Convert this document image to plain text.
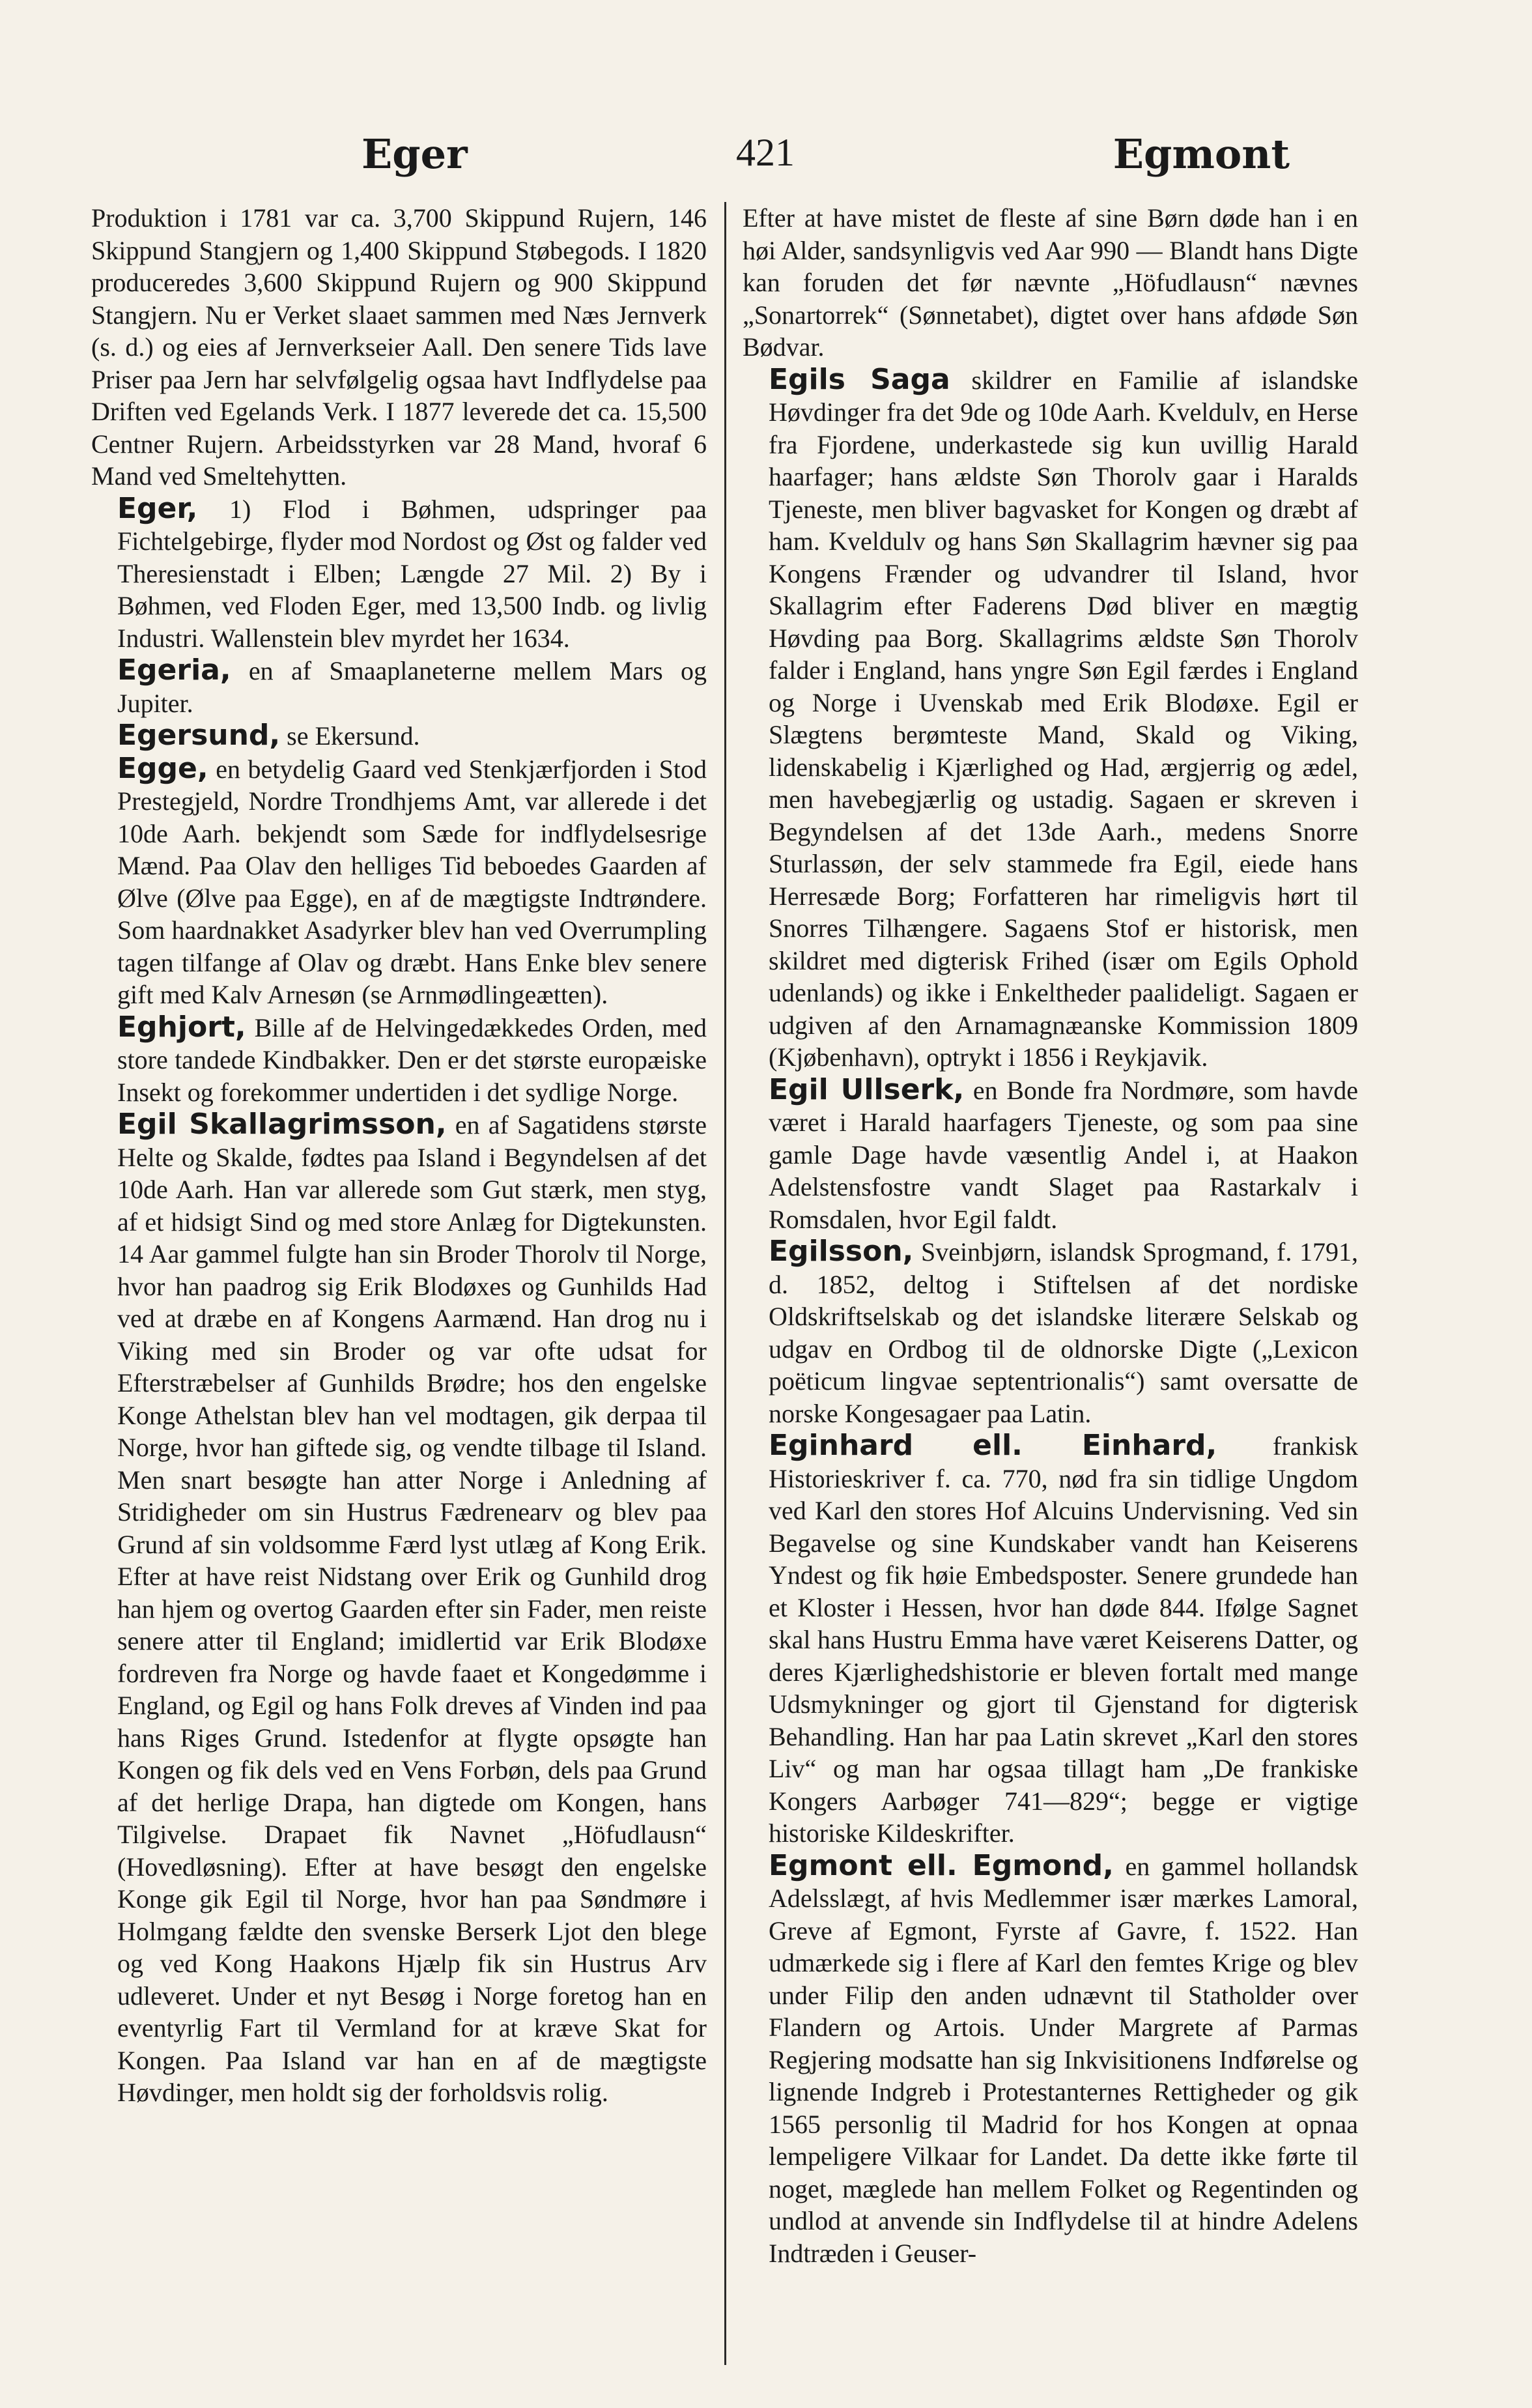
Eger	421	Egmont

Produktion i 1781 var ca. 3,700 Skippund Rujern, 146 Skippund Stangjern og 1,400 Skippund Støbegods. I 1820 produceredes 3,600 Skippund Rujern og 900 Skippund Stangjern. Nu er Verket slaaet sammen med Næs Jernverk (s. d.) og eies af Jernverkseier Aall. Den senere Tids lave Priser paa Jern har selvfølgelig ogsaa havt Indflydelse paa Driften ved Egelands Verk. I 1877 leverede det ca. 15,500 Centner Rujern. Arbeidsstyrken var 28 Mand, hvoraf 6 Mand ved Smeltehytten.

Eger, 1) Flod i Bøhmen, udspringer paa Fichtelgebirge, flyder mod Nordost og Øst og falder ved Theresienstadt i Elben; Længde 27 Mil. 2) By i Bøhmen, ved Floden Eger, med 13,500 Indb. og livlig Industri. Wallenstein blev myrdet her 1634.

Egeria, en af Smaaplaneterne mellem Mars og Jupiter.

Egersund, se Ekersund.

Egge, en betydelig Gaard ved Stenkjærfjorden i Stod Prestegjeld, Nordre Trondhjems Amt, var allerede i det 10de Aarh. bekjendt som Sæde for indflydelsesrige Mænd. Paa Olav den helliges Tid beboedes Gaarden af Ølve (Ølve paa Egge), en af de mægtigste Indtrøndere. Som haardnakket Asadyrker blev han ved Overrumpling tagen tilfange af Olav og dræbt. Hans Enke blev senere gift med Kalv Arnesøn (se Arnmødlingeætten).

Eghjort, Bille af de Helvingedækkedes Orden, med store tandede Kindbakker. Den er det største europæiske Insekt og forekommer undertiden i det sydlige Norge.

Egil Skallagrimsson, en af Sagatidens største Helte og Skalde, fødtes paa Island i Begyndelsen af det 10de Aarh. Han var allerede som Gut stærk, men styg, af et hidsigt Sind og med store Anlæg for Digtekunsten. 14 Aar gammel fulgte han sin Broder Thorolv til Norge, hvor han paadrog sig Erik Blodøxes og Gunhilds Had ved at dræbe en af Kongens Aarmænd. Han drog nu i Viking med sin Broder og var ofte udsat for Efterstræbelser af Gunhilds Brødre; hos den engelske Konge Athelstan blev han vel modtagen, gik derpaa til Norge, hvor han giftede sig, og vendte tilbage til Island. Men snart besøgte han atter Norge i Anledning af Stridigheder om sin Hustrus Fædrenearv og blev paa Grund af sin voldsomme Færd lyst utlæg af Kong Erik. Efter at have reist Nidstang over Erik og Gunhild drog han hjem og overtog Gaarden efter sin Fader, men reiste senere atter til England; imidlertid var Erik Blodøxe fordreven fra Norge og havde faaet et Kongedømme i England, og Egil og hans Folk dreves af Vinden ind paa hans Riges Grund. Istedenfor at flygte opsøgte han Kongen og fik dels ved en Vens Forbøn, dels paa Grund af det herlige Drapa, han digtede om Kongen, hans Tilgivelse. Drapaet fik Navnet „Höfudlausn“ (Hovedløsning). Efter at have besøgt den engelske Konge gik Egil til Norge, hvor han paa Søndmøre i Holmgang fældte den svenske Berserk Ljot den blege og ved Kong Haakons Hjælp fik sin Hustrus Arv udleveret. Under et nyt Besøg i Norge foretog han en eventyrlig Fart til Vermland for at kræve Skat for Kongen. Paa Island var han en af de mægtigste Høvdinger, men holdt sig der forholdsvis rolig.

Efter at have mistet de fleste af sine Børn døde han i en høi Alder, sandsynligvis ved Aar 990 — Blandt hans Digte kan foruden det før nævnte „Höfudlausn“ nævnes „Sonartorrek“ (Sønnetabet), digtet over hans afdøde Søn Bødvar.

Egils Saga skildrer en Familie af islandske Høvdinger fra det 9de og 10de Aarh. Kveldulv, en Herse fra Fjordene, underkastede sig kun uvillig Harald haarfager; hans ældste Søn Thorolv gaar i Haralds Tjeneste, men bliver bagvasket for Kongen og dræbt af ham. Kveldulv og hans Søn Skallagrim hævner sig paa Kongens Frænder og udvandrer til Island, hvor Skallagrim efter Faderens Død bliver en mægtig Høvding paa Borg. Skallagrims ældste Søn Thorolv falder i England, hans yngre Søn Egil færdes i England og Norge i Uvenskab med Erik Blodøxe. Egil er Slægtens berømteste Mand, Skald og Viking, lidenskabelig i Kjærlighed og Had, ærgjerrig og ædel, men havebegjærlig og ustadig. Sagaen er skreven i Begyndelsen af det 13de Aarh., medens Snorre Sturlassøn, der selv stammede fra Egil, eiede hans Herresæde Borg; Forfatteren har rimeligvis hørt til Snorres Tilhængere. Sagaens Stof er historisk, men skildret med digterisk Frihed (især om Egils Ophold udenlands) og ikke i Enkeltheder paalideligt. Sagaen er udgiven af den Arnamagnæanske Kommission 1809 (Kjøbenhavn), optrykt i 1856 i Reykjavik.

Egil Ullserk, en Bonde fra Nordmøre, som havde været i Harald haarfagers Tjeneste, og som paa sine gamle Dage havde væsentlig Andel i, at Haakon Adelstensfostre vandt Slaget paa Rastarkalv i Romsdalen, hvor Egil faldt.

Egilsson, Sveinbjørn, islandsk Sprogmand, f. 1791, d. 1852, deltog i Stiftelsen af det nordiske Oldskriftselskab og det islandske literære Selskab og udgav en Ordbog til de oldnorske Digte („Lexicon poëticum lingvae septentrionalis“) samt oversatte de norske Kongesagaer paa Latin.

Eginhard ell. Einhard, frankisk Historieskriver f. ca. 770, nød fra sin tidlige Ungdom ved Karl den stores Hof Alcuins Undervisning. Ved sin Begavelse og sine Kundskaber vandt han Keiserens Yndest og fik høie Embedsposter. Senere grundede han et Kloster i Hessen, hvor han døde 844. Ifølge Sagnet skal hans Hustru Emma have været Keiserens Datter, og deres Kjærlighedshistorie er bleven fortalt med mange Udsmykninger og gjort til Gjenstand for digterisk Behandling. Han har paa Latin skrevet „Karl den stores Liv“ og man har ogsaa tillagt ham „De frankiske Kongers Aarbøger 741—829“; begge er vigtige historiske Kildeskrifter.

Egmont ell. Egmond, en gammel hollandsk Adelsslægt, af hvis Medlemmer især mærkes Lamoral, Greve af Egmont, Fyrste af Gavre, f. 1522. Han udmærkede sig i flere af Karl den femtes Krige og blev under Filip den anden udnævnt til Statholder over Flandern og Artois. Under Margrete af Parmas Regjering modsatte han sig Inkvisitionens Indførelse og lignende Indgreb i Protestanternes Rettigheder og gik 1565 personlig til Madrid for hos Kongen at opnaa lempeligere Vilkaar for Landet. Da dette ikke førte til noget, mæglede han mellem Folket og Regentinden og undlod at anvende sin Indflydelse til at hindre Adelens Indtræden i Geuser-
